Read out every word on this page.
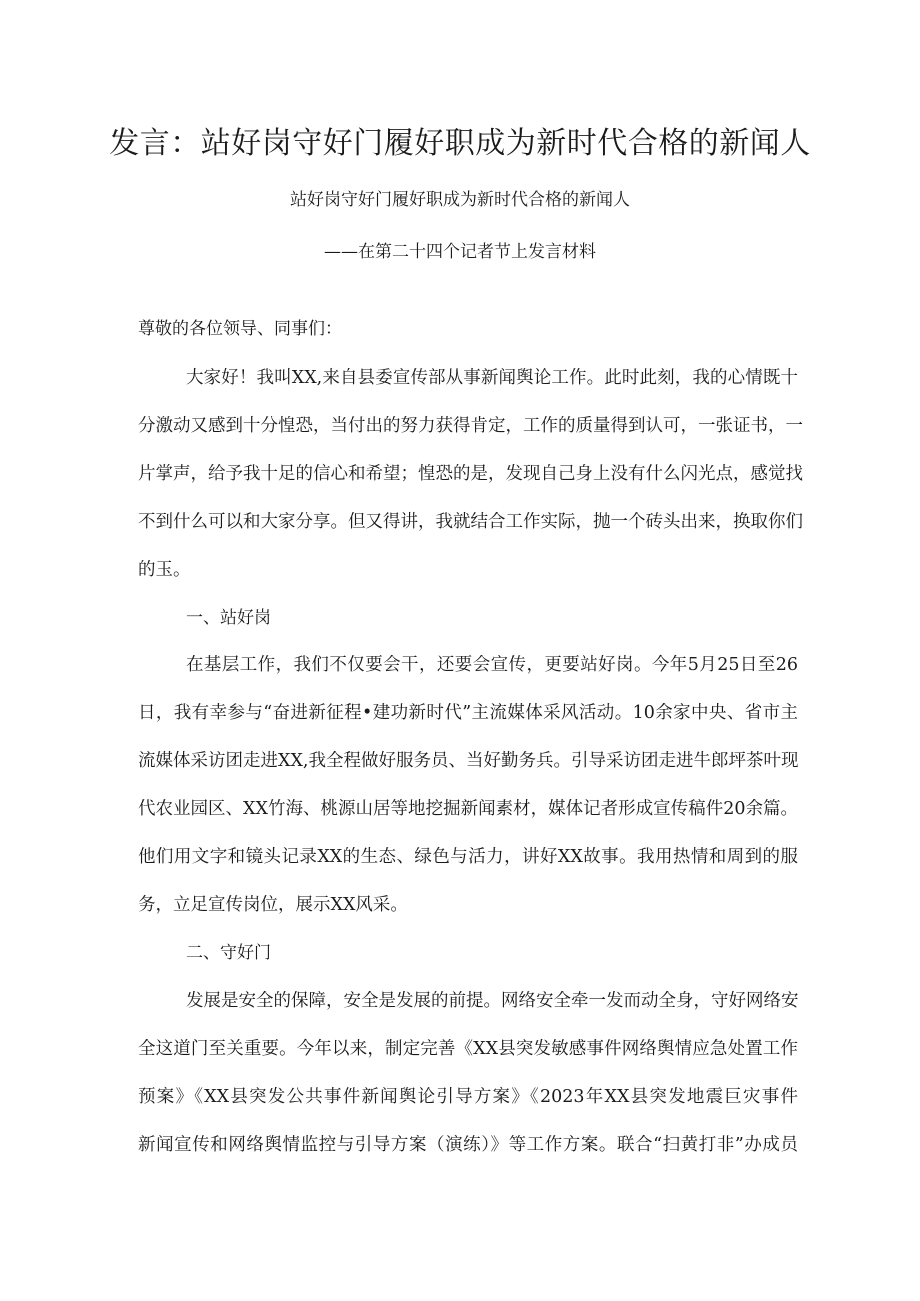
发言：站好岗守好门履好职成为新时代合格的新闻人
站好岗守好门履好职成为新时代合格的新闻人
——在第二十四个记者节上发言材料
尊敬的各位领导、同事们：
大家好！我叫XX,来自县委宣传部从事新闻舆论工作。此时此刻，我的心情既十
分激动又感到十分惶恐，当付出的努力获得肯定，工作的质量得到认可，一张证书，一
片掌声，给予我十足的信心和希望；惶恐的是，发现自己身上没有什么闪光点，感觉找
不到什么可以和大家分享。但又得讲，我就结合工作实际，抛一个砖头出来，换取你们
的玉。
一、站好岗
在基层工作，我们不仅要会干，还要会宣传，更要站好岗。今年5月25日至26
日，我有幸参与“奋进新征程•建功新时代”主流媒体采风活动。10余家中央、省市主
流媒体采访团走进XX,我全程做好服务员、当好勤务兵。引导采访团走进牛郎坪茶叶现
代农业园区、XX竹海、桃源山居等地挖掘新闻素材，媒体记者形成宣传稿件20余篇。
他们用文字和镜头记录XX的生态、绿色与活力，讲好XX故事。我用热情和周到的服
务，立足宣传岗位，展示XX风采。
二、守好门
发展是安全的保障，安全是发展的前提。网络安全牵一发而动全身，守好网络安
全这道门至关重要。今年以来，制定完善《XX县突发敏感事件网络舆情应急处置工作
预案》《XX县突发公共事件新闻舆论引导方案》《2023年XX县突发地震巨灾事件
新闻宣传和网络舆情监控与引导方案（演练）》等工作方案。联合“扫黄打非”办成员
